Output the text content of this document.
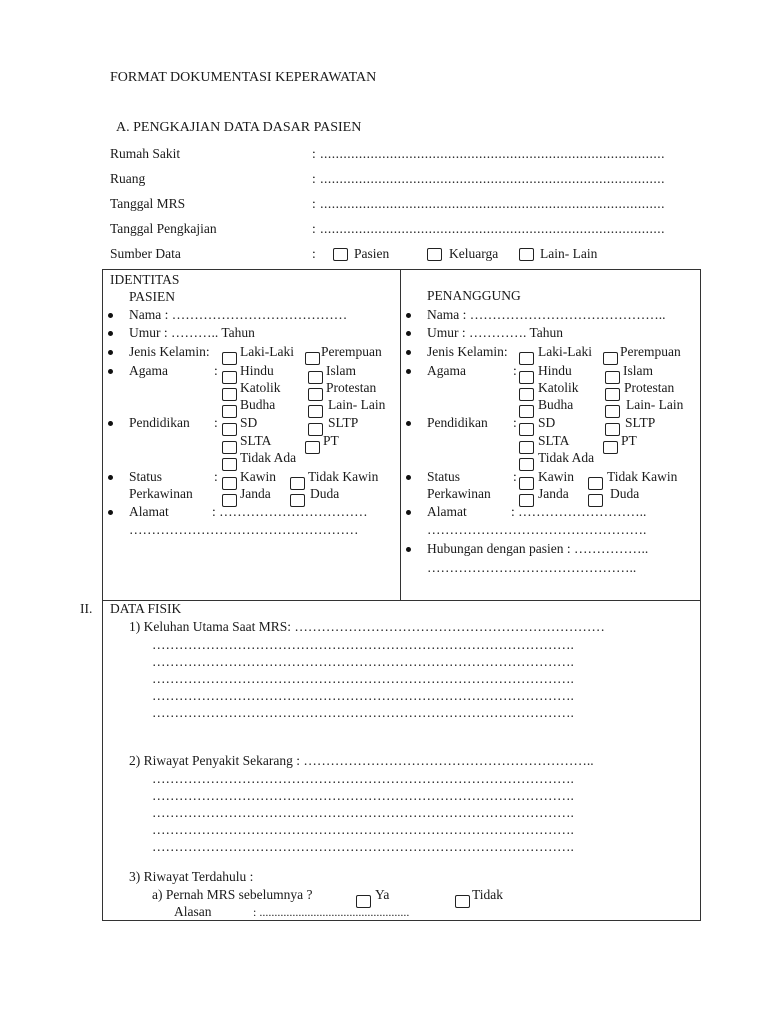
FORMAT DOKUMENTASI KEPERAWATAN
A. PENGKAJIAN DATA DASAR PASIEN
Rumah Sakit	: .........................................................................................
Ruang	: .........................................................................................
Tanggal MRS	: .........................................................................................
Tanggal Pengkajian	: .........................................................................................
Sumber Data	:	Pasien	Keluarga	Lain- Lain
IDENTITAS
PASIEN
Nama : …………………………………
Umur : ……….. Tahun
Jenis Kelamin: Laki-Laki Perempuan
Agama	: Hindu	Islam
Katolik	Protestan
Budha	Lain- Lain
Pendidikan : SD	SLTP
SLTA	PT
Tidak Ada
Status
Perkawinan
: Kawin Tidak Kawin
Janda	Duda
Alamat	: ……………………………
……………………………………………
PENANGGUNG
Nama : ……………………………………..
Umur : …………. Tahun
Jenis Kelamin: Laki-Laki Perempuan
Agama	: Hindu	Islam
Katolik	Protestan
Budha	Lain- Lain
Pendidikan : SD	SLTP
SLTA	PT
Tidak Ada
Status
Perkawinan
: Kawin Tidak Kawin
Janda	Duda
Alamat	: ………………………..
………………………………………….
Hubungan dengan pasien : ……………..
………………………………………..
II. DATA FISIK
1) Keluhan Utama Saat MRS: ……………………………………………………………
………………………………………………………………………………….
………………………………………………………………………………….
………………………………………………………………………………….
………………………………………………………………………………….
………………………………………………………………………………….
2) Riwayat Penyakit Sekarang : ………………………………………………………..
………………………………………………………………………………….
………………………………………………………………………………….
………………………………………………………………………………….
………………………………………………………………………………….
………………………………………………………………………………….
3) Riwayat Terdahulu :
a) Pernah MRS sebelumnya ?	Ya	Tidak
Alasan	: ..................................................
